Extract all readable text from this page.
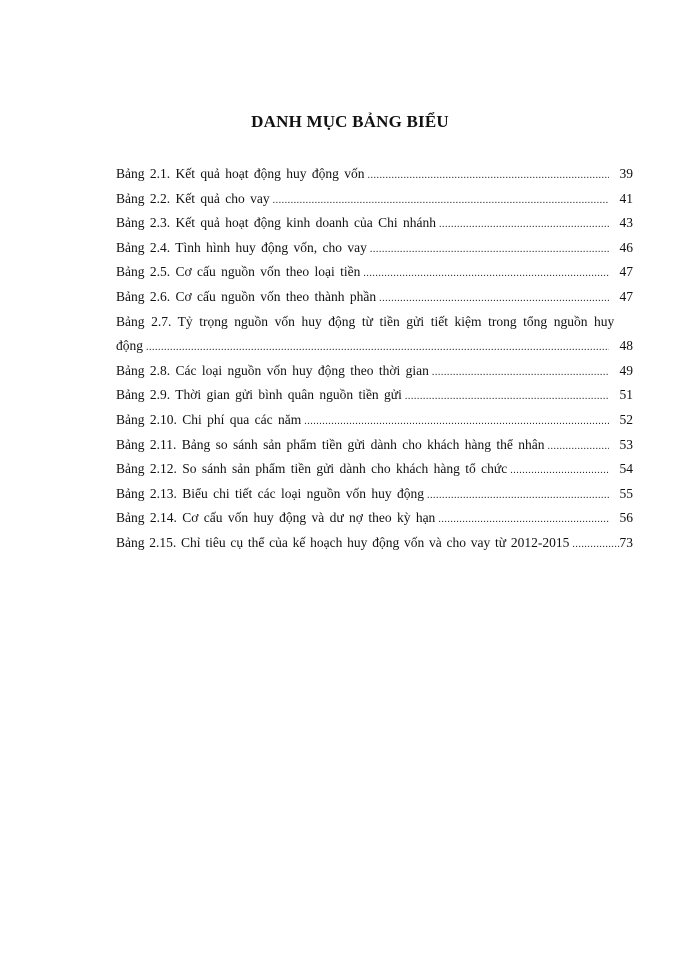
DANH MỤC BẢNG BIỂU
Bảng 2.1. Kết quả hoạt động huy động vốn .....	39
Bảng 2.2. Kết quả cho vay .....	41
Bảng 2.3. Kết quả hoạt động kinh doanh của Chi nhánh .....	43
Bảng 2.4. Tình hình huy động vốn, cho vay .....	46
Bảng 2.5. Cơ cấu nguồn vốn theo loại tiền .....	47
Bảng 2.6. Cơ cấu nguồn vốn theo thành phần .....	47
Bảng 2.7. Tỷ trọng nguồn vốn huy động từ tiền gửi tiết kiệm trong tổng nguồn huy
động .....	48
Bảng 2.8. Các loại nguồn vốn huy động theo thời gian .....	49
Bảng 2.9. Thời gian gửi bình quân nguồn tiền gửi .....	51
Bảng 2.10. Chi phí qua các năm .....	52
Bảng 2.11. Bảng so sánh sản phẩm tiền gửi dành cho khách hàng thể nhân .....	53
Bảng 2.12. So sánh sản phẩm tiền gửi dành cho khách hàng tổ chức .....	54
Bảng 2.13. Biểu chi tiết các loại nguồn vốn huy động .....	55
Bảng 2.14. Cơ cấu vốn huy động và dư nợ theo kỳ hạn .....	56
Bảng 2.15. Chỉ tiêu cụ thể của kế hoạch huy động vốn và cho vay từ 2012-2015 .....	73
